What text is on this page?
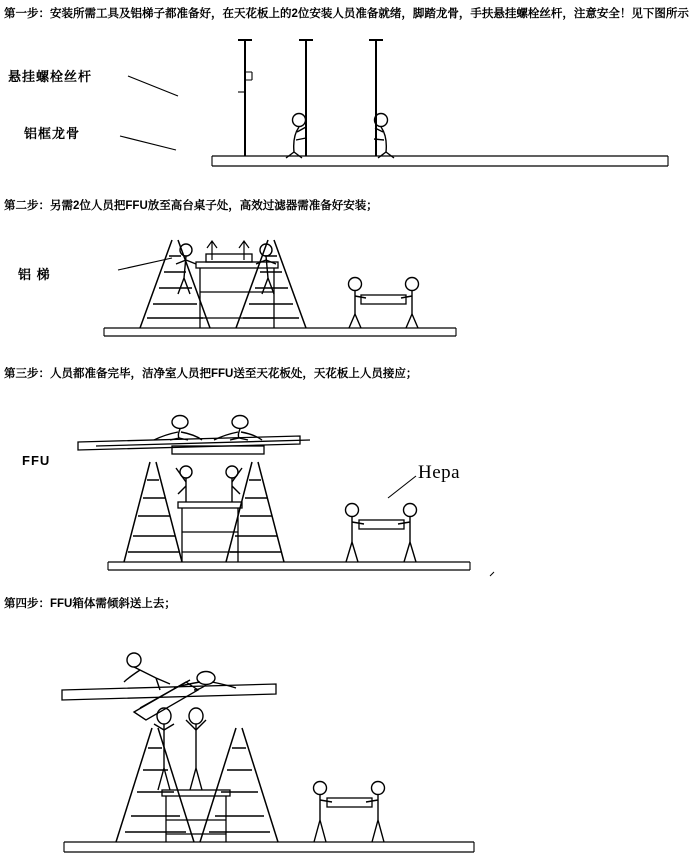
第一步：安装所需工具及铝梯子都准备好，在天花板上的2位安装人员准备就绪，脚踏龙骨，手扶悬挂螺栓丝杆，注意安全！见下图所示
悬挂螺栓丝杆
铝框龙骨
第二步：另需2位人员把FFU放至高台桌子处，高效过滤器需准备好安装；
铝 梯
第三步：人员都准备完毕，洁净室人员把FFU送至天花板处，天花板上人员接应；
FFU
Hepa
第四步：FFU箱体需倾斜送上去；
